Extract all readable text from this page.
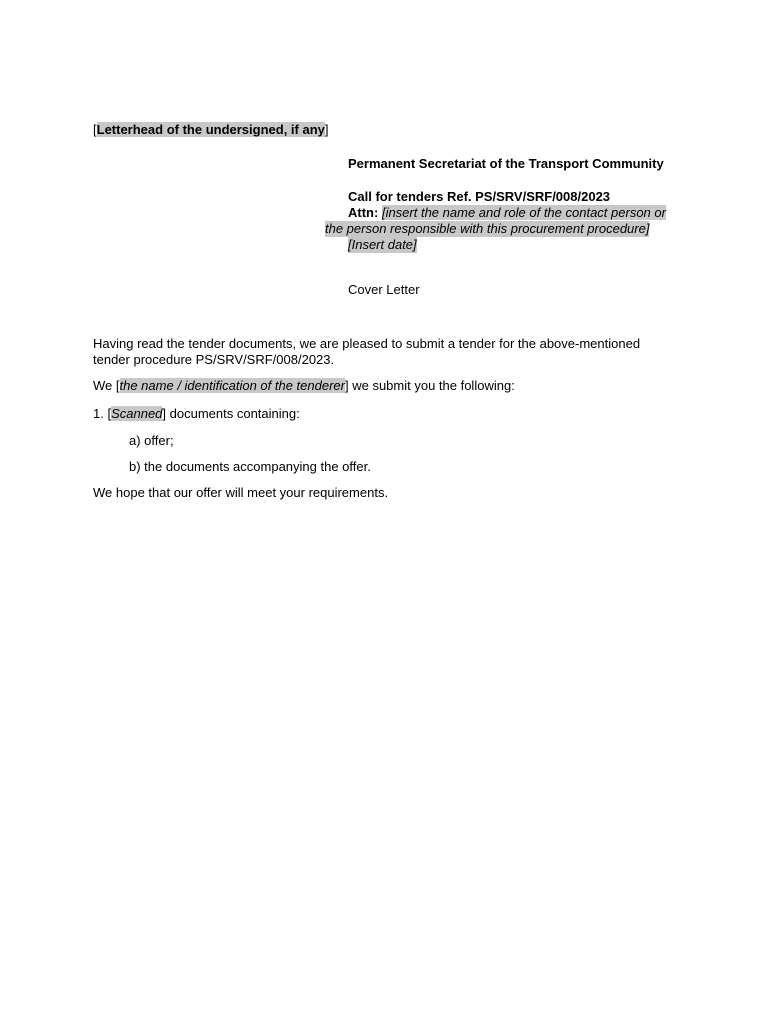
[Letterhead of the undersigned, if any]
Permanent Secretariat of the Transport Community
Call for tenders Ref. PS/SRV/SRF/008/2023
Attn: [insert the name and role of the contact person or
the person responsible with this procurement procedure]
[Insert date]
Cover Letter

Having read the tender documents, we are pleased to submit a tender for the above-mentioned
tender procedure PS/SRV/SRF/008/2023.

We [the name / identification of the tenderer] we submit you the following:

1. [Scanned] documents containing:

a) offer;

b) the documents accompanying the offer.

We hope that our offer will meet your requirements.
